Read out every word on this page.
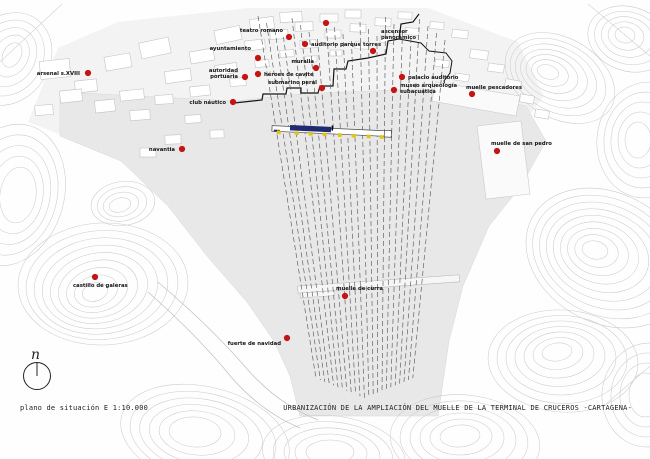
arsenal s.XVIII
ayuntamiento
teatro romano
auditorio parque torres
ascensor
panorámico
autoridad
portuaria	héroes de cavite
muralla
submarino peral	museo arqueología
subacuática
palacio auditorio
club náutico
muelle pescadores
muelle de san pedro
navantia
castillo de galeras
fuerte de navidad
muelle de curra
n
plano de situación E 1:10.000	URBANIZACIÓN DE LA AMPLIACIÓN DEL MUELLE DE LA TERMINAL DE CRUCEROS -CARTAGENA-
